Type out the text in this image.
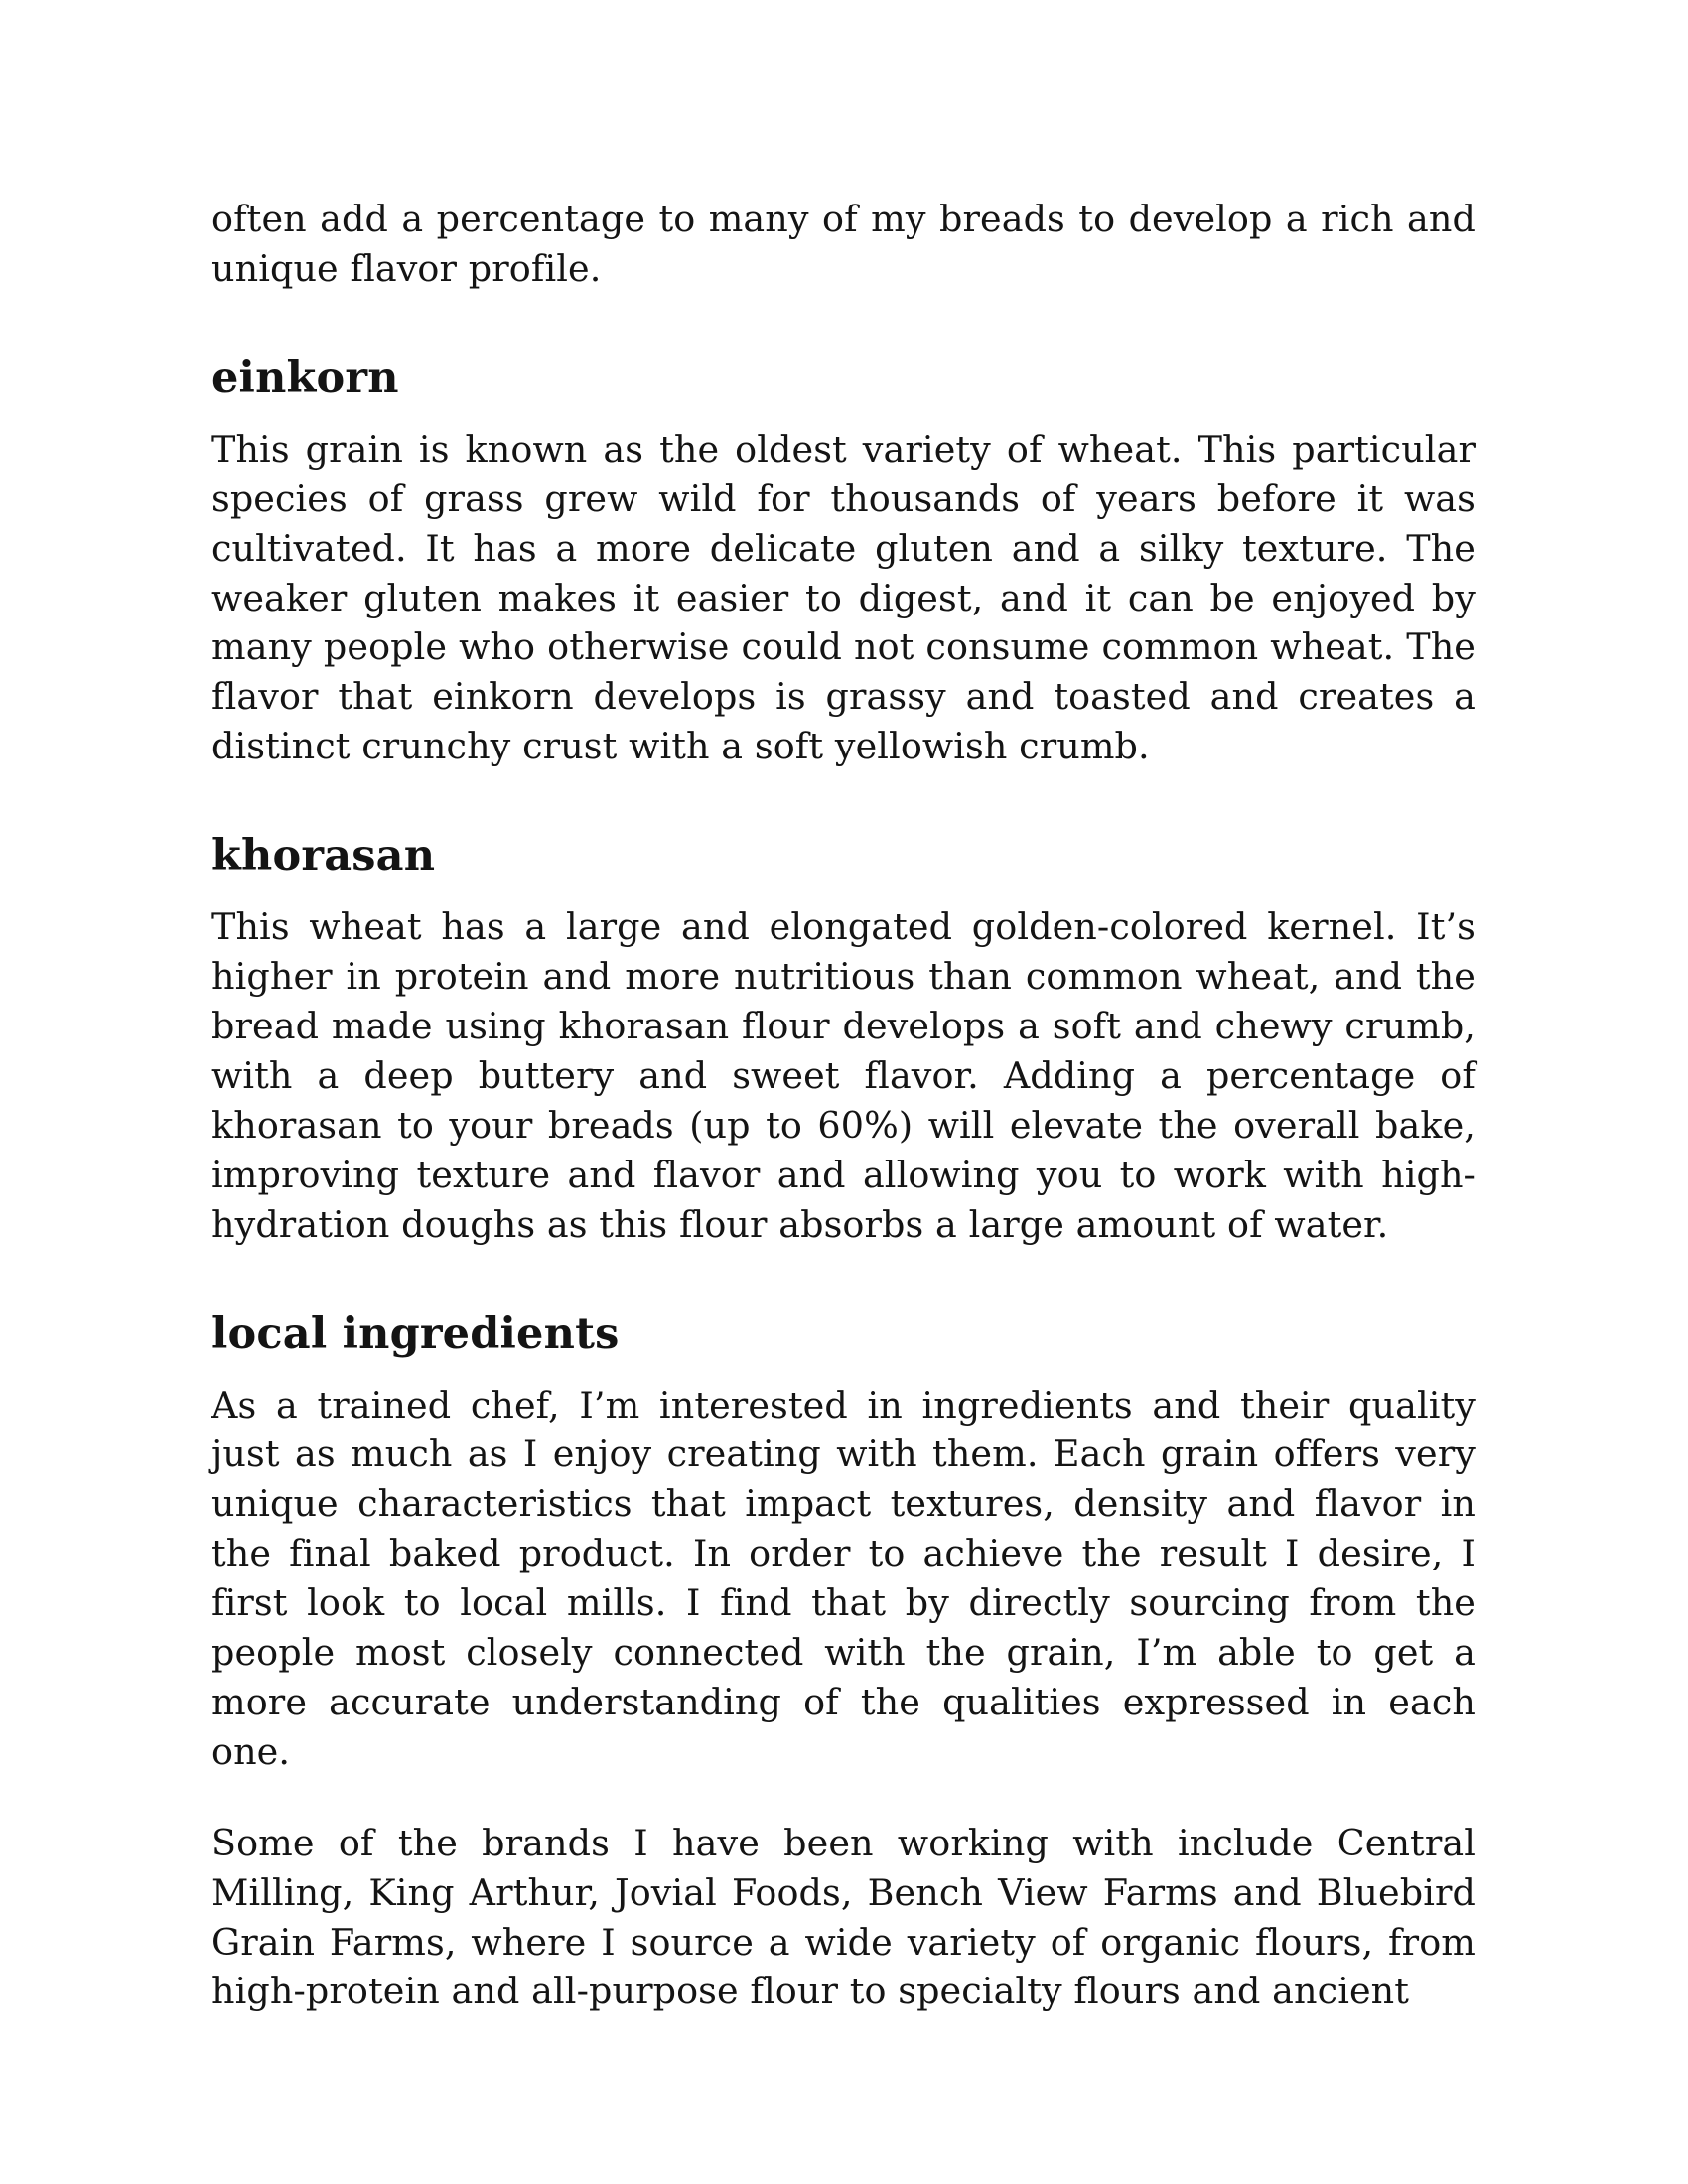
often add a percentage to many of my breads to develop a rich and unique flavor profile.

einkorn

This grain is known as the oldest variety of wheat. This particular species of grass grew wild for thousands of years before it was cultivated. It has a more delicate gluten and a silky texture. The weaker gluten makes it easier to digest, and it can be enjoyed by many people who otherwise could not consume common wheat. The flavor that einkorn develops is grassy and toasted and creates a distinct crunchy crust with a soft yellowish crumb.

khorasan

This wheat has a large and elongated golden-colored kernel. It’s higher in protein and more nutritious than common wheat, and the bread made using khorasan flour develops a soft and chewy crumb, with a deep buttery and sweet flavor. Adding a percentage of khorasan to your breads (up to 60%) will elevate the overall bake, improving texture and flavor and allowing you to work with high-hydration doughs as this flour absorbs a large amount of water.

local ingredients

As a trained chef, I’m interested in ingredients and their quality just as much as I enjoy creating with them. Each grain offers very unique characteristics that impact textures, density and flavor in the final baked product. In order to achieve the result I desire, I first look to local mills. I find that by directly sourcing from the people most closely connected with the grain, I’m able to get a more accurate understanding of the qualities expressed in each one.

Some of the brands I have been working with include Central Milling, King Arthur, Jovial Foods, Bench View Farms and Bluebird Grain Farms, where I source a wide variety of organic flours, from high-protein and all-purpose flour to specialty flours and ancient
